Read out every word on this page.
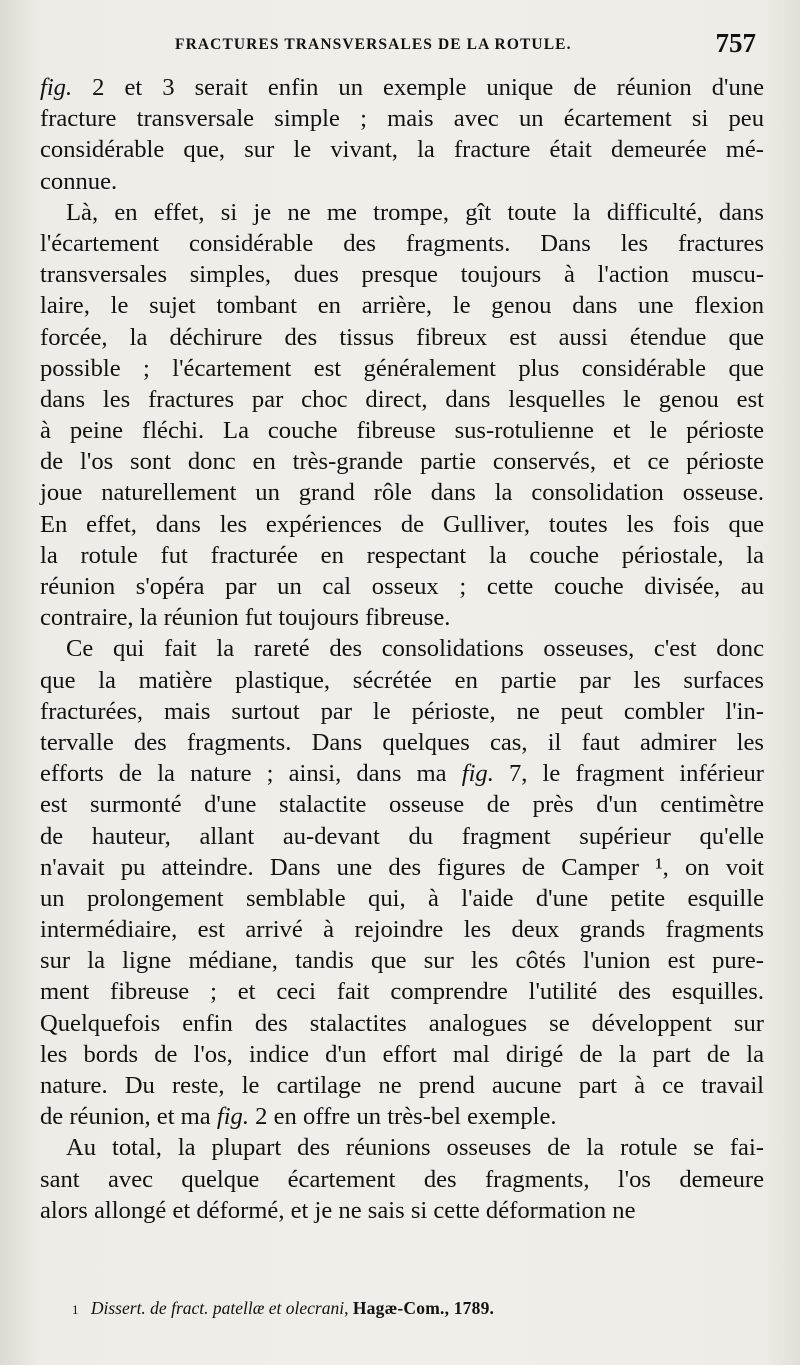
FRACTURES TRANSVERSALES DE LA ROTULE.	757
fig. 2 et 3 serait enfin un exemple unique de réunion d'une
fracture transversale simple ; mais avec un écartement si peu
considérable que, sur le vivant, la fracture était demeurée mé-
connue.
Là, en effet, si je ne me trompe, gît toute la difficulté, dans
l'écartement considérable des fragments. Dans les fractures
transversales simples, dues presque toujours à l'action muscu-
laire, le sujet tombant en arrière, le genou dans une flexion
forcée, la déchirure des tissus fibreux est aussi étendue que
possible ; l'écartement est généralement plus considérable que
dans les fractures par choc direct, dans lesquelles le genou est
à peine fléchi. La couche fibreuse sus-rotulienne et le périoste
de l'os sont donc en très-grande partie conservés, et ce périoste
joue naturellement un grand rôle dans la consolidation osseuse.
En effet, dans les expériences de Gulliver, toutes les fois que
la rotule fut fracturée en respectant la couche périostale, la
réunion s'opéra par un cal osseux ; cette couche divisée, au
contraire, la réunion fut toujours fibreuse.
Ce qui fait la rareté des consolidations osseuses, c'est donc
que la matière plastique, sécrétée en partie par les surfaces
fracturées, mais surtout par le périoste, ne peut combler l'in-
tervalle des fragments. Dans quelques cas, il faut admirer les
efforts de la nature ; ainsi, dans ma fig. 7, le fragment inférieur
est surmonté d'une stalactite osseuse de près d'un centimètre
de hauteur, allant au-devant du fragment supérieur qu'elle
n'avait pu atteindre. Dans une des figures de Camper ¹, on voit
un prolongement semblable qui, à l'aide d'une petite esquille
intermédiaire, est arrivé à rejoindre les deux grands fragments
sur la ligne médiane, tandis que sur les côtés l'union est pure-
ment fibreuse ; et ceci fait comprendre l'utilité des esquilles.
Quelquefois enfin des stalactites analogues se développent sur
les bords de l'os, indice d'un effort mal dirigé de la part de la
nature. Du reste, le cartilage ne prend aucune part à ce travail
de réunion, et ma fig. 2 en offre un très-bel exemple.
Au total, la plupart des réunions osseuses de la rotule se fai-
sant avec quelque écartement des fragments, l'os demeure
alors allongé et déformé, et je ne sais si cette déformation ne
1 Dissert. de fract. patellæ et olecrani, Hagæ-Com., 1789.
